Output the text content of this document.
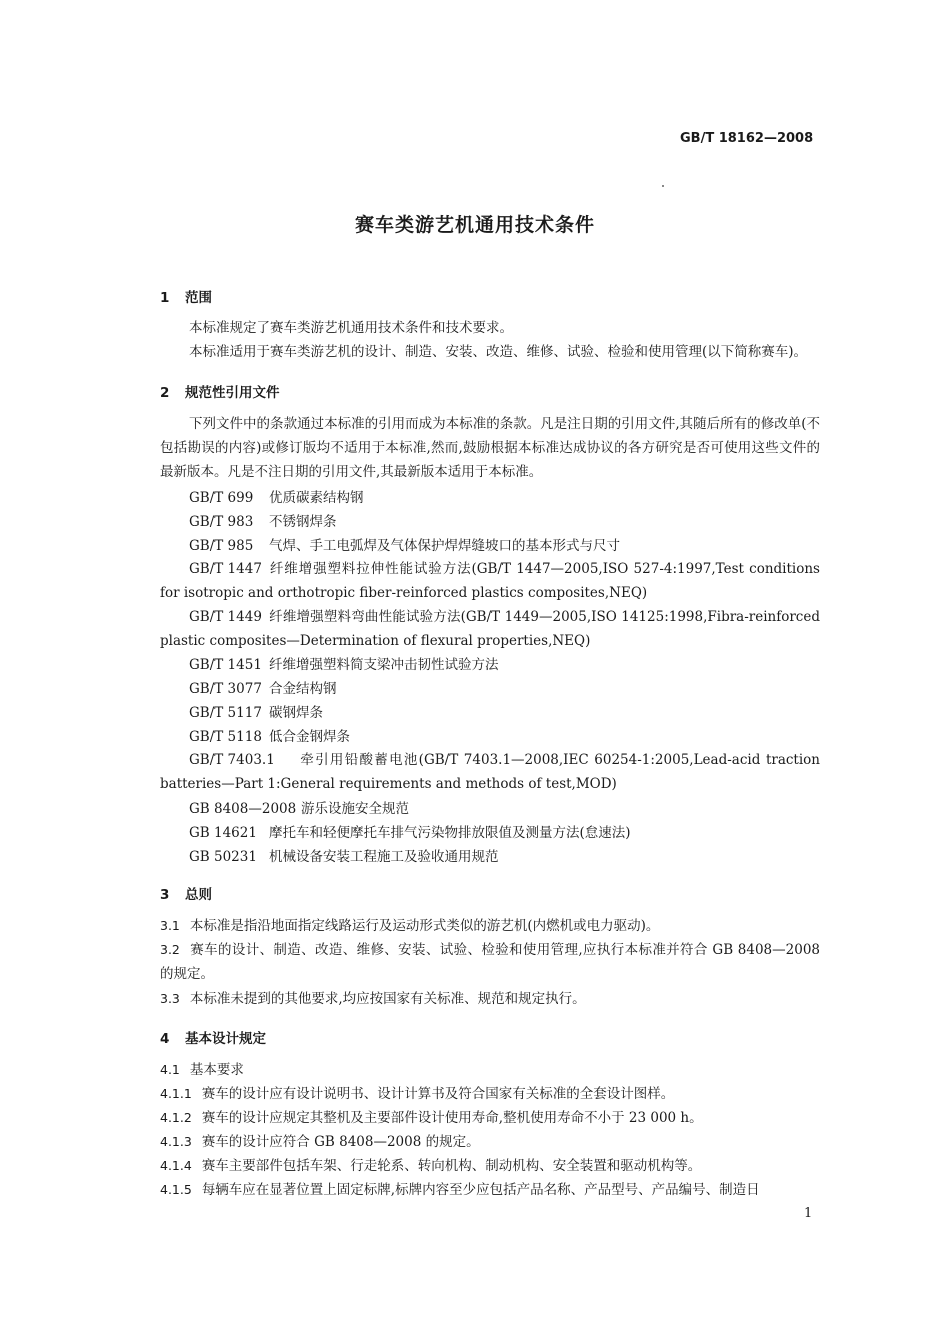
GB/T 18162—2008
赛车类游艺机通用技术条件
1 范围
本标准规定了赛车类游艺机通用技术条件和技术要求。
本标准适用于赛车类游艺机的设计、制造、安装、改造、维修、试验、检验和使用管理(以下简称赛车)。
2 规范性引用文件
下列文件中的条款通过本标准的引用而成为本标准的条款。凡是注日期的引用文件,其随后所有的修改单(不包括勘误的内容)或修订版均不适用于本标准,然而,鼓励根据本标准达成协议的各方研究是否可使用这些文件的最新版本。凡是不注日期的引用文件,其最新版本适用于本标准。
GB/T 699 优质碳素结构钢
GB/T 983 不锈钢焊条
GB/T 985 气焊、手工电弧焊及气体保护焊焊缝坡口的基本形式与尺寸
GB/T 1447 纤维增强塑料拉伸性能试验方法(GB/T 1447—2005,ISO 527-4:1997,Test conditions for isotropic and orthotropic fiber-reinforced plastics composites,NEQ)
GB/T 1449 纤维增强塑料弯曲性能试验方法(GB/T 1449—2005,ISO 14125:1998,Fibra-reinforced plastic composites—Determination of flexural properties,NEQ)
GB/T 1451 纤维增强塑料简支梁冲击韧性试验方法
GB/T 3077 合金结构钢
GB/T 5117 碳钢焊条
GB/T 5118 低合金钢焊条
GB/T 7403.1 牵引用铅酸蓄电池(GB/T 7403.1—2008,IEC 60254-1:2005,Lead-acid traction batteries—Part 1:General requirements and methods of test,MOD)
GB 8408—2008 游乐设施安全规范
GB 14621 摩托车和轻便摩托车排气污染物排放限值及测量方法(怠速法)
GB 50231 机械设备安装工程施工及验收通用规范
3 总则
3.1 本标准是指沿地面指定线路运行及运动形式类似的游艺机(内燃机或电力驱动)。
3.2 赛车的设计、制造、改造、维修、安装、试验、检验和使用管理,应执行本标准并符合 GB 8408—2008 的规定。
3.3 本标准未提到的其他要求,均应按国家有关标准、规范和规定执行。
4 基本设计规定
4.1 基本要求
4.1.1 赛车的设计应有设计说明书、设计计算书及符合国家有关标准的全套设计图样。
4.1.2 赛车的设计应规定其整机及主要部件设计使用寿命,整机使用寿命不小于 23 000 h。
4.1.3 赛车的设计应符合 GB 8408—2008 的规定。
4.1.4 赛车主要部件包括车架、行走轮系、转向机构、制动机构、安全装置和驱动机构等。
4.1.5 每辆车应在显著位置上固定标牌,标牌内容至少应包括产品名称、产品型号、产品编号、制造日
1
